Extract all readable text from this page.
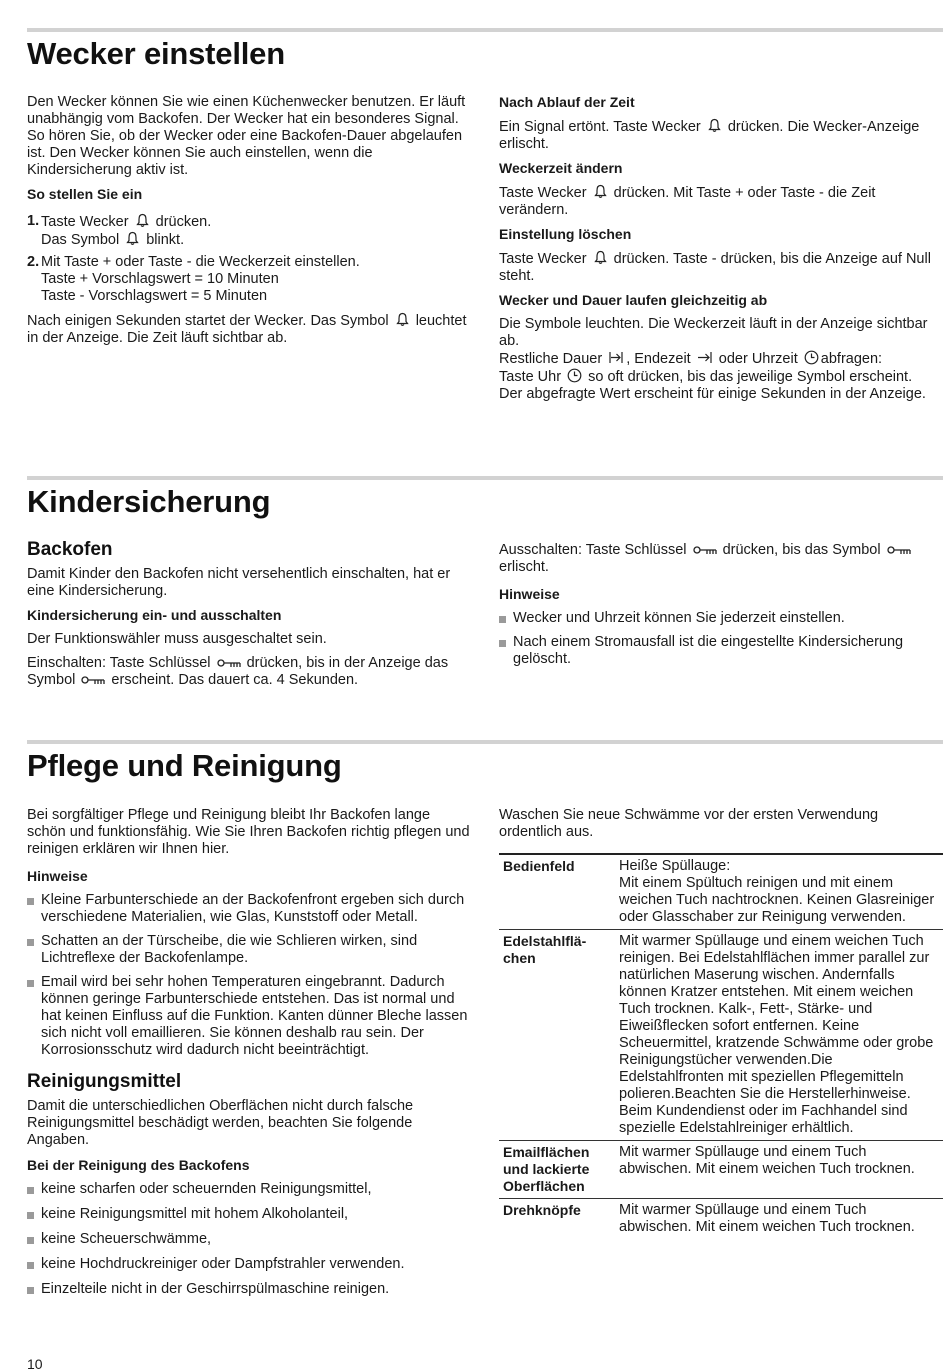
Wecker einstellen

Den Wecker können Sie wie einen Küchenwecker benutzen. Er läuft unabhängig vom Backofen. Der Wecker hat ein besonderes Signal. So hören Sie, ob der Wecker oder eine Backofen-Dauer abgelaufen ist. Den Wecker können Sie auch einstellen, wenn die Kindersicherung aktiv ist.

So stellen Sie ein

1. Taste Wecker drücken.
Das Symbol blinkt.
2. Mit Taste + oder Taste - die Weckerzeit einstellen.
Taste + Vorschlagswert = 10 Minuten
Taste - Vorschlagswert = 5 Minuten

Nach einigen Sekunden startet der Wecker. Das Symbol leuchtet in der Anzeige. Die Zeit läuft sichtbar ab.

Nach Ablauf der Zeit

Ein Signal ertönt. Taste Wecker drücken. Die Wecker-Anzeige erlischt.

Weckerzeit ändern

Taste Wecker drücken. Mit Taste + oder Taste - die Zeit verändern.

Einstellung löschen

Taste Wecker drücken. Taste - drücken, bis die Anzeige auf Null steht.

Wecker und Dauer laufen gleichzeitig ab

Die Symbole leuchten. Die Weckerzeit läuft in der Anzeige sichtbar ab.
Restliche Dauer , Endezeit oder Uhrzeit abfragen:
Taste Uhr so oft drücken, bis das jeweilige Symbol erscheint.
Der abgefragte Wert erscheint für einige Sekunden in der Anzeige.

Kindersicherung
Backofen

Damit Kinder den Backofen nicht versehentlich einschalten, hat er eine Kindersicherung.

Kindersicherung ein- und ausschalten

Der Funktionswähler muss ausgeschaltet sein.

Einschalten: Taste Schlüssel drücken, bis in der Anzeige das Symbol erscheint. Das dauert ca. 4 Sekunden.

Ausschalten: Taste Schlüssel drücken, bis das Symbol  erlischt.

Hinweise

Wecker und Uhrzeit können Sie jederzeit einstellen.
Nach einem Stromausfall ist die eingestellte Kindersicherung gelöscht.
Pflege und Reinigung

Bei sorgfältiger Pflege und Reinigung bleibt Ihr Backofen lange schön und funktionsfähig. Wie Sie Ihren Backofen richtig pflegen und reinigen erklären wir Ihnen hier.

Hinweise

Kleine Farbunterschiede an der Backofenfront ergeben sich durch verschiedene Materialien, wie Glas, Kunststoff oder Metall.
Schatten an der Türscheibe, die wie Schlieren wirken, sind Lichtreflexe der Backofenlampe.
Email wird bei sehr hohen Temperaturen eingebrannt. Dadurch können geringe Farbunterschiede entstehen. Das ist normal und hat keinen Einfluss auf die Funktion. Kanten dünner Bleche lassen sich nicht voll emaillieren. Sie können deshalb rau sein. Der Korrosionsschutz wird dadurch nicht beeinträchtigt.
Reinigungsmittel

Damit die unterschiedlichen Oberflächen nicht durch falsche Reinigungsmittel beschädigt werden, beachten Sie folgende Angaben.

Bei der Reinigung des Backofens

keine scharfen oder scheuernden Reinigungsmittel,
keine Reinigungsmittel mit hohem Alkoholanteil,
keine Scheuerschwämme,
keine Hochdruckreiniger oder Dampfstrahler verwenden.
Einzelteile nicht in der Geschirrspülmaschine reinigen.

Waschen Sie neue Schwämme vor der ersten Verwendung ordentlich aus.

Bedienfeld	Heiße Spüllauge:
Mit einem Spültuch reinigen und mit einem weichen Tuch nachtrocknen. Keinen Glasreiniger oder Glasschaber zur Reinigung verwenden.
Edelstahlflä-
chen	Mit warmer Spüllauge und einem weichen Tuch reinigen. Bei Edelstahlflächen immer parallel zur natürlichen Maserung wischen. Andernfalls können Kratzer entstehen. Mit einem weichen Tuch trocknen. Kalk-, Fett-, Stärke- und Eiweißflecken sofort entfernen. Keine Scheuermittel, kratzende Schwämme oder grobe Reinigungstücher verwenden.Die Edelstahlfronten mit speziellen Pflegemitteln polieren.Beachten Sie die Herstellerhinweise. Beim Kundendienst oder im Fachhandel sind spezielle Edelstahlreiniger erhältlich.
Emailflächen und lackierte Oberflächen	Mit warmer Spüllauge und einem Tuch abwischen. Mit einem weichen Tuch trocknen.
Drehknöpfe	Mit warmer Spüllauge und einem Tuch abwischen. Mit einem weichen Tuch trocknen.
10
